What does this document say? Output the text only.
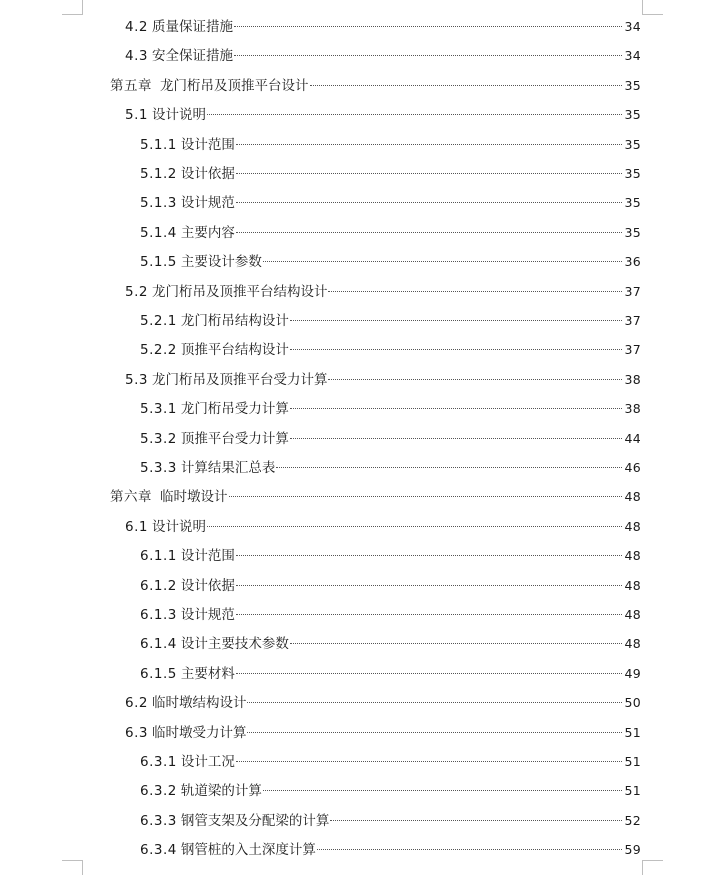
4.2 质量保证措施	34
4.3 安全保证措施	34
第五章 龙门桁吊及顶推平台设计	35
5.1 设计说明	35
5.1.1 设计范围	35
5.1.2 设计依据	35
5.1.3 设计规范	35
5.1.4 主要内容	35
5.1.5 主要设计参数	36
5.2 龙门桁吊及顶推平台结构设计	37
5.2.1 龙门桁吊结构设计	37
5.2.2 顶推平台结构设计	37
5.3 龙门桁吊及顶推平台受力计算	38
5.3.1 龙门桁吊受力计算	38
5.3.2 顶推平台受力计算	44
5.3.3 计算结果汇总表	46
第六章 临时墩设计	48
6.1 设计说明	48
6.1.1 设计范围	48
6.1.2 设计依据	48
6.1.3 设计规范	48
6.1.4 设计主要技术参数	48
6.1.5 主要材料	49
6.2 临时墩结构设计	50
6.3 临时墩受力计算	51
6.3.1 设计工况	51
6.3.2 轨道梁的计算	51
6.3.3 钢管支架及分配梁的计算	52
6.3.4 钢管桩的入土深度计算	59
